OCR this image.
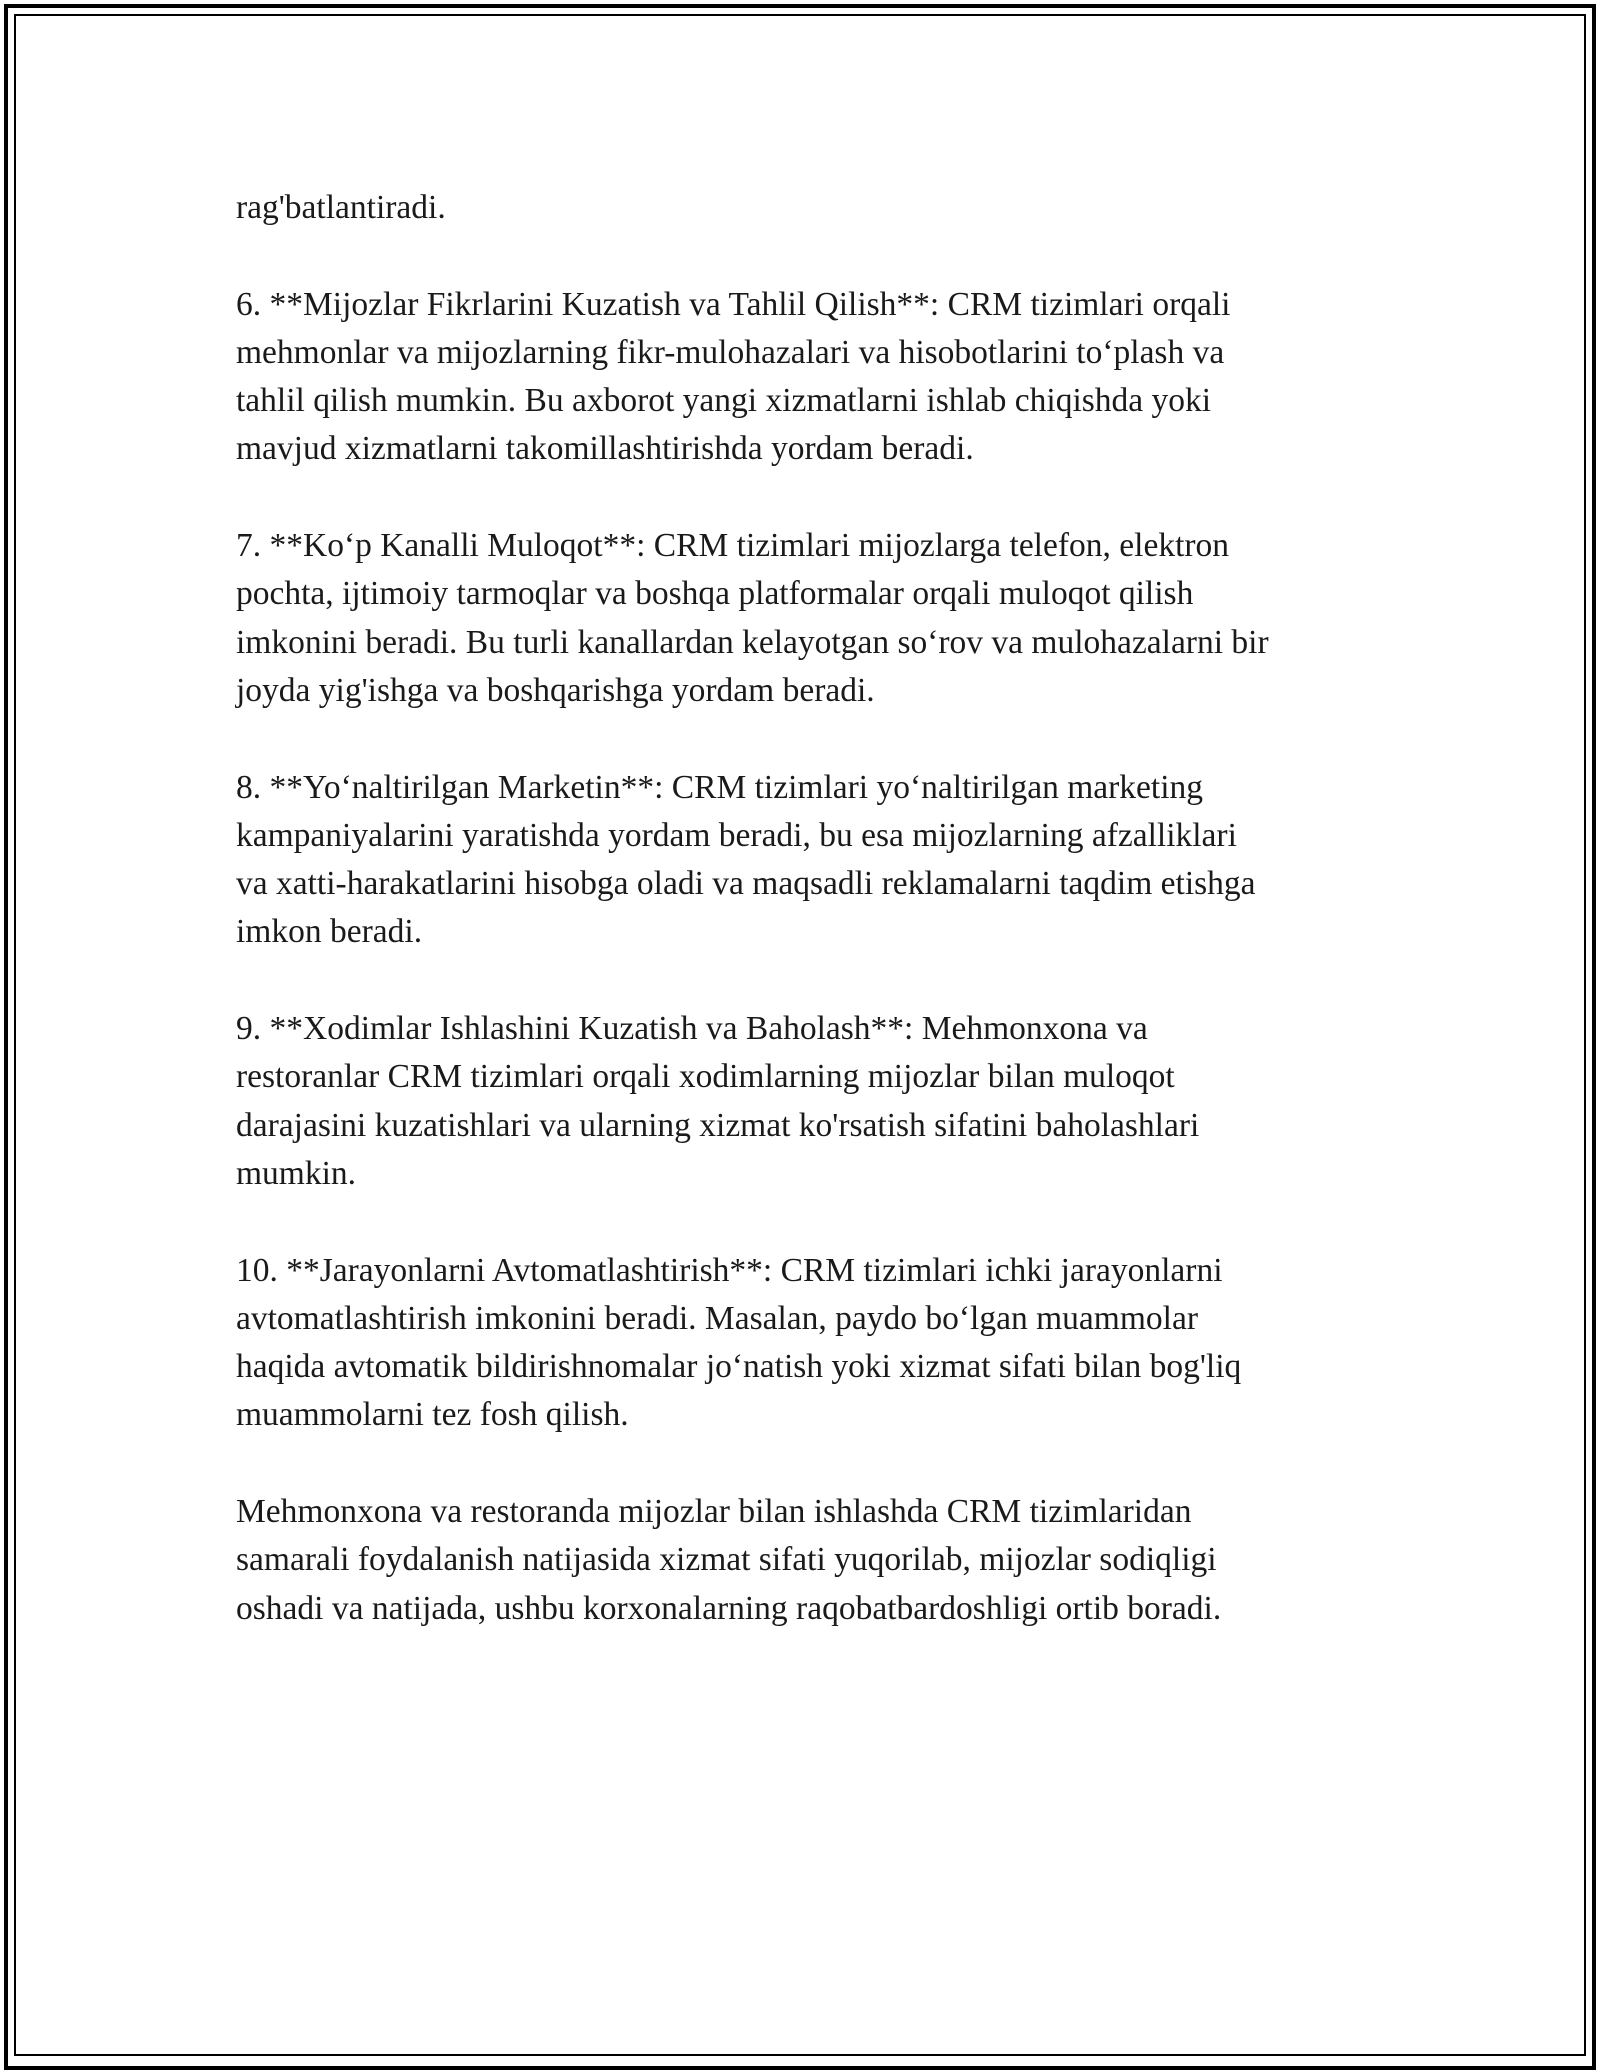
rag'batlantiradi.

6. **Mijozlar Fikrlarini Kuzatish va Tahlil Qilish**: CRM tizimlari orqali
mehmonlar va mijozlarning fikr-mulohazalari va hisobotlarini to‘plash va
tahlil qilish mumkin. Bu axborot yangi xizmatlarni ishlab chiqishda yoki
mavjud xizmatlarni takomillashtirishda yordam beradi.

7. **Ko‘p Kanalli Muloqot**: CRM tizimlari mijozlarga telefon, elektron
pochta, ijtimoiy tarmoqlar va boshqa platformalar orqali muloqot qilish
imkonini beradi. Bu turli kanallardan kelayotgan so‘rov va mulohazalarni bir
joyda yig'ishga va boshqarishga yordam beradi.

8. **Yo‘naltirilgan Marketin**: CRM tizimlari yo‘naltirilgan marketing
kampaniyalarini yaratishda yordam beradi, bu esa mijozlarning afzalliklari
va xatti-harakatlarini hisobga oladi va maqsadli reklamalarni taqdim etishga
imkon beradi.

9. **Xodimlar Ishlashini Kuzatish va Baholash**: Mehmonxona va
restoranlar CRM tizimlari orqali xodimlarning mijozlar bilan muloqot
darajasini kuzatishlari va ularning xizmat ko'rsatish sifatini baholashlari
mumkin.

10. **Jarayonlarni Avtomatlashtirish**: CRM tizimlari ichki jarayonlarni
avtomatlashtirish imkonini beradi. Masalan, paydo bo‘lgan muammolar
haqida avtomatik bildirishnomalar jo‘natish yoki xizmat sifati bilan bog'liq
muammolarni tez fosh qilish.

Mehmonxona va restoranda mijozlar bilan ishlashda CRM tizimlaridan
samarali foydalanish natijasida xizmat sifati yuqorilab, mijozlar sodiqligi
oshadi va natijada, ushbu korxonalarning raqobatbardoshligi ortib boradi.
